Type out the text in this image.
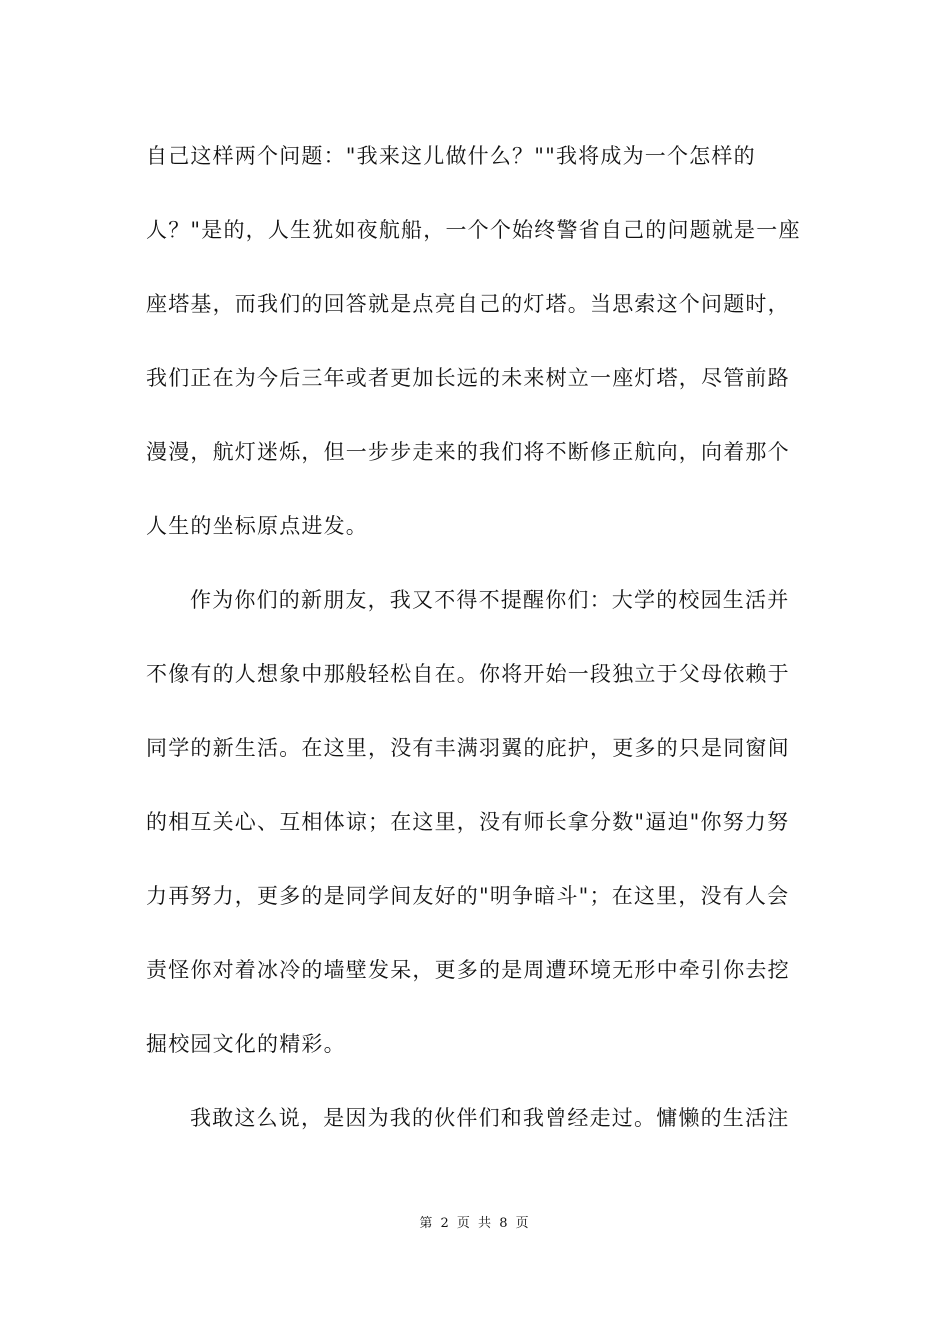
自己这样两个问题："我来这儿做什么？""我将成为一个怎样的
人？"是的，人生犹如夜航船，一个个始终警省自己的问题就是一座
座塔基，而我们的回答就是点亮自己的灯塔。当思索这个问题时，
我们正在为今后三年或者更加长远的未来树立一座灯塔，尽管前路
漫漫，航灯迷烁，但一步步走来的我们将不断修正航向，向着那个
人生的坐标原点进发。
作为你们的新朋友，我又不得不提醒你们：大学的校园生活并
不像有的人想象中那般轻松自在。你将开始一段独立于父母依赖于
同学的新生活。在这里，没有丰满羽翼的庇护，更多的只是同窗间
的相互关心、互相体谅；在这里，没有师长拿分数"逼迫"你努力努
力再努力，更多的是同学间友好的"明争暗斗"；在这里，没有人会
责怪你对着冰冷的墙壁发呆，更多的是周遭环境无形中牵引你去挖
掘校园文化的精彩。
我敢这么说，是因为我的伙伴们和我曾经走过。慵懒的生活注
第 2 页 共 8 页
